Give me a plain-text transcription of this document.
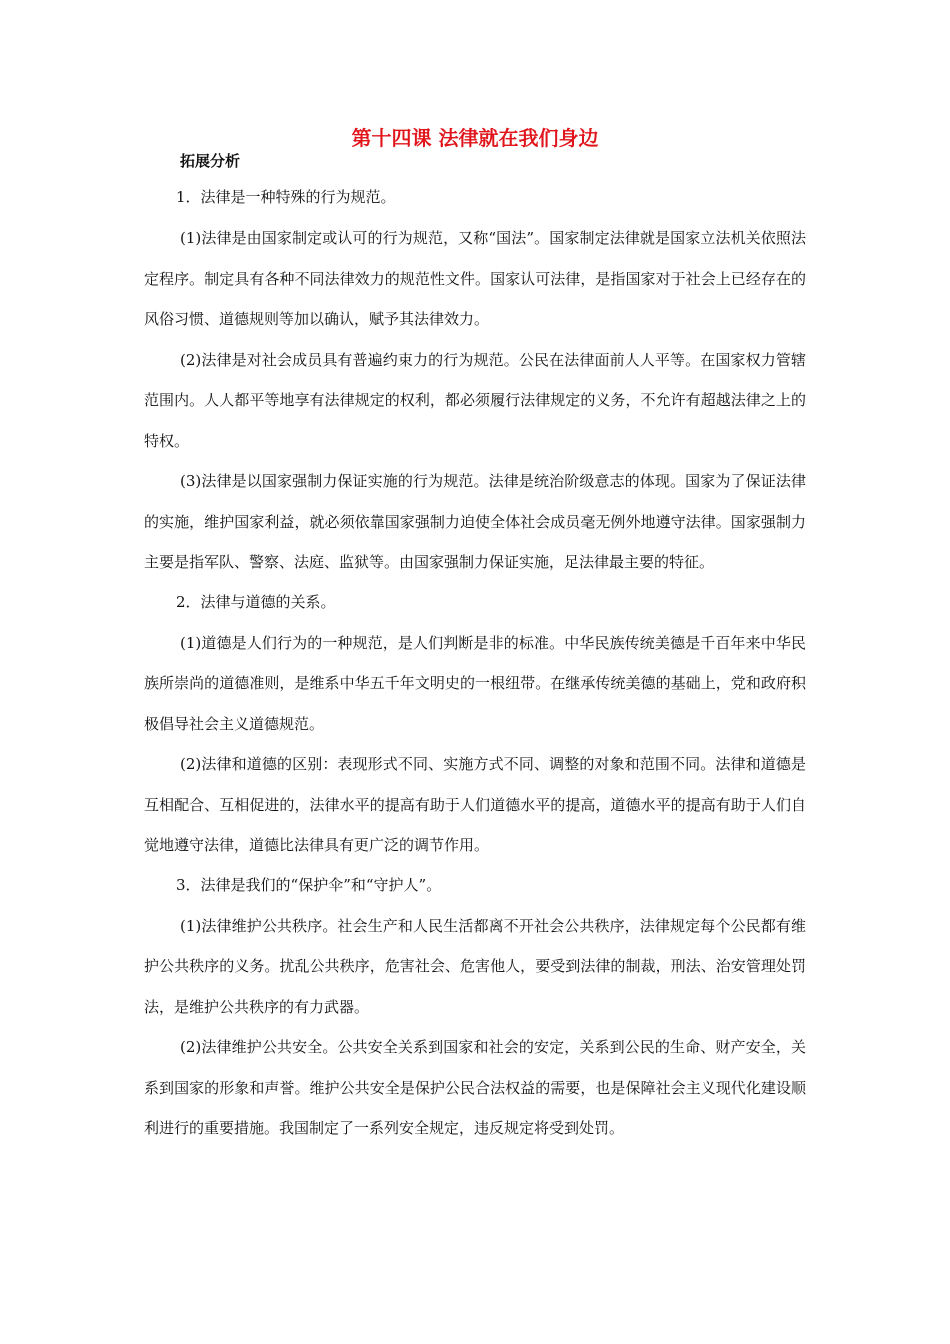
第十四课 法律就在我们身边
拓展分析
1．法律是一种特殊的行为规范。

(1)法律是由国家制定或认可的行为规范，又称“国法”。国家制定法律就是国家立法机关依照法定程序。制定具有各种不同法律效力的规范性文件。国家认可法律，是指国家对于社会上已经存在的风俗习惯、道德规则等加以确认，赋予其法律效力。

(2)法律是对社会成员具有普遍约束力的行为规范。公民在法律面前人人平等。在国家权力管辖范围内。人人都平等地享有法律规定的权利，都必须履行法律规定的义务，不允许有超越法律之上的特权。

(3)法律是以国家强制力保证实施的行为规范。法律是统治阶级意志的体现。国家为了保证法律的实施，维护国家利益，就必须依靠国家强制力迫使全体社会成员毫无例外地遵守法律。国家强制力主要是指军队、警察、法庭、监狱等。由国家强制力保证实施，足法律最主要的特征。

2．法律与道德的关系。

(1)道德是人们行为的一种规范，是人们判断是非的标准。中华民族传统美德是千百年来中华民族所崇尚的道德准则，是维系中华五千年文明史的一根纽带。在继承传统美德的基础上，党和政府积极倡导社会主义道德规范。

(2)法律和道德的区别：表现形式不同、实施方式不同、调整的对象和范围不同。法律和道德是互相配合、互相促进的，法律水平的提高有助于人们道德水平的提高，道德水平的提高有助于人们自觉地遵守法律，道德比法律具有更广泛的调节作用。

3．法律是我们的“保护伞”和“守护人”。

(1)法律维护公共秩序。社会生产和人民生活都离不开社会公共秩序，法律规定每个公民都有维护公共秩序的义务。扰乱公共秩序，危害社会、危害他人，要受到法律的制裁，刑法、治安管理处罚法，是维护公共秩序的有力武器。

(2)法律维护公共安全。公共安全关系到国家和社会的安定，关系到公民的生命、财产安全，关系到国家的形象和声誉。维护公共安全是保护公民合法权益的需要，也是保障社会主义现代化建设顺利进行的重要措施。我国制定了一系列安全规定，违反规定将受到处罚。
